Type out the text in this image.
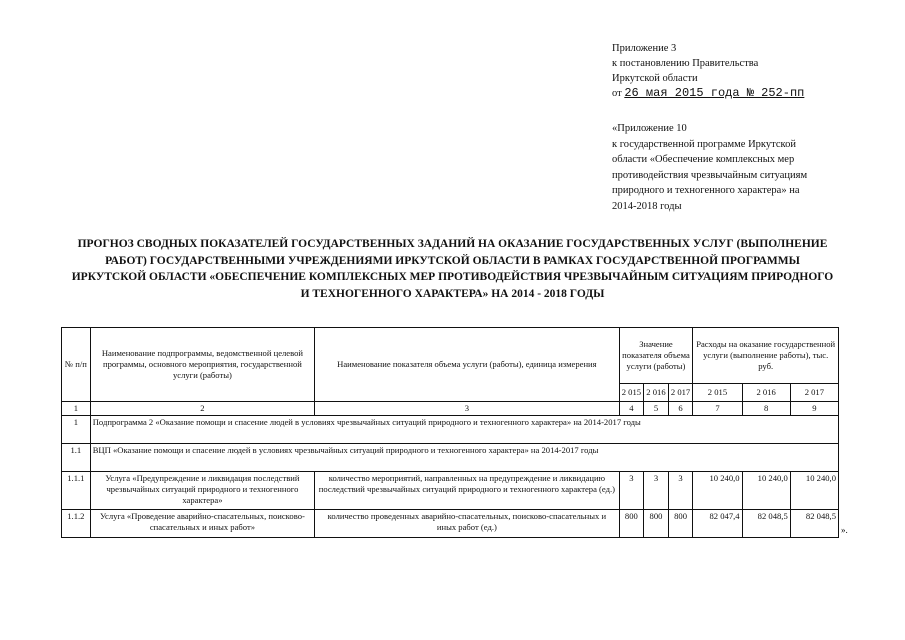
Приложение 3
к постановлению Правительства
Иркутской области
от 26 мая 2015 года № 252-пп
«Приложение 10
к государственной программе Иркутской
области «Обеспечение комплексных мер
противодействия чрезвычайным ситуациям
природного и техногенного характера» на
2014-2018 годы
ПРОГНОЗ СВОДНЫХ ПОКАЗАТЕЛЕЙ ГОСУДАРСТВЕННЫХ ЗАДАНИЙ НА ОКАЗАНИЕ ГОСУДАРСТВЕННЫХ УСЛУГ (ВЫПОЛНЕНИЕ РАБОТ) ГОСУДАРСТВЕННЫМИ УЧРЕЖДЕНИЯМИ ИРКУТСКОЙ ОБЛАСТИ В РАМКАХ ГОСУДАРСТВЕННОЙ ПРОГРАММЫ ИРКУТСКОЙ ОБЛАСТИ «ОБЕСПЕЧЕНИЕ КОМПЛЕКСНЫХ МЕР ПРОТИВОДЕЙСТВИЯ ЧРЕЗВЫЧАЙНЫМ СИТУАЦИЯМ ПРИРОДНОГО И ТЕХНОГЕННОГО ХАРАКТЕРА» НА 2014 - 2018 ГОДЫ
№ п/п	Наименование подпрограммы, ведомственной целевой программы, основного мероприятия, государственной услуги (работы)	Наименование показателя объема услуги (работы), единица измерения	Значение показателя объема услуги (работы)			Расходы на оказание государственной услуги (выполнение работы), тыс. руб.		
			2 015	2 016	2 017	2 015	2 016	2 017
1	2	3	4	5	6	7	8	9
1	Подпрограмма 2 «Оказание помощи и спасение людей в условиях чрезвычайных ситуаций природного и техногенного характера» на 2014-2017 годы							
1.1	ВЦП «Оказание помощи и спасение людей в условиях чрезвычайных ситуаций природного и техногенного характера» на 2014-2017 годы							
1.1.1	Услуга «Предупреждение и ликвидация последствий чрезвычайных ситуаций природного и техногенного характера»	количество мероприятий, направленных на предупреждение и ликвидацию последствий чрезвычайных ситуаций природного и техногенного характера (ед.)	3	3	3	10 240,0	10 240,0	10 240,0
1.1.2	Услуга «Проведение аварийно-спасательных, поисково-спасательных и иных работ»	количество проведенных аварийно-спасательных, поисково-спасательных и иных работ (ед.)	800	800	800	82 047,4	82 048,5	82 048,5
».
